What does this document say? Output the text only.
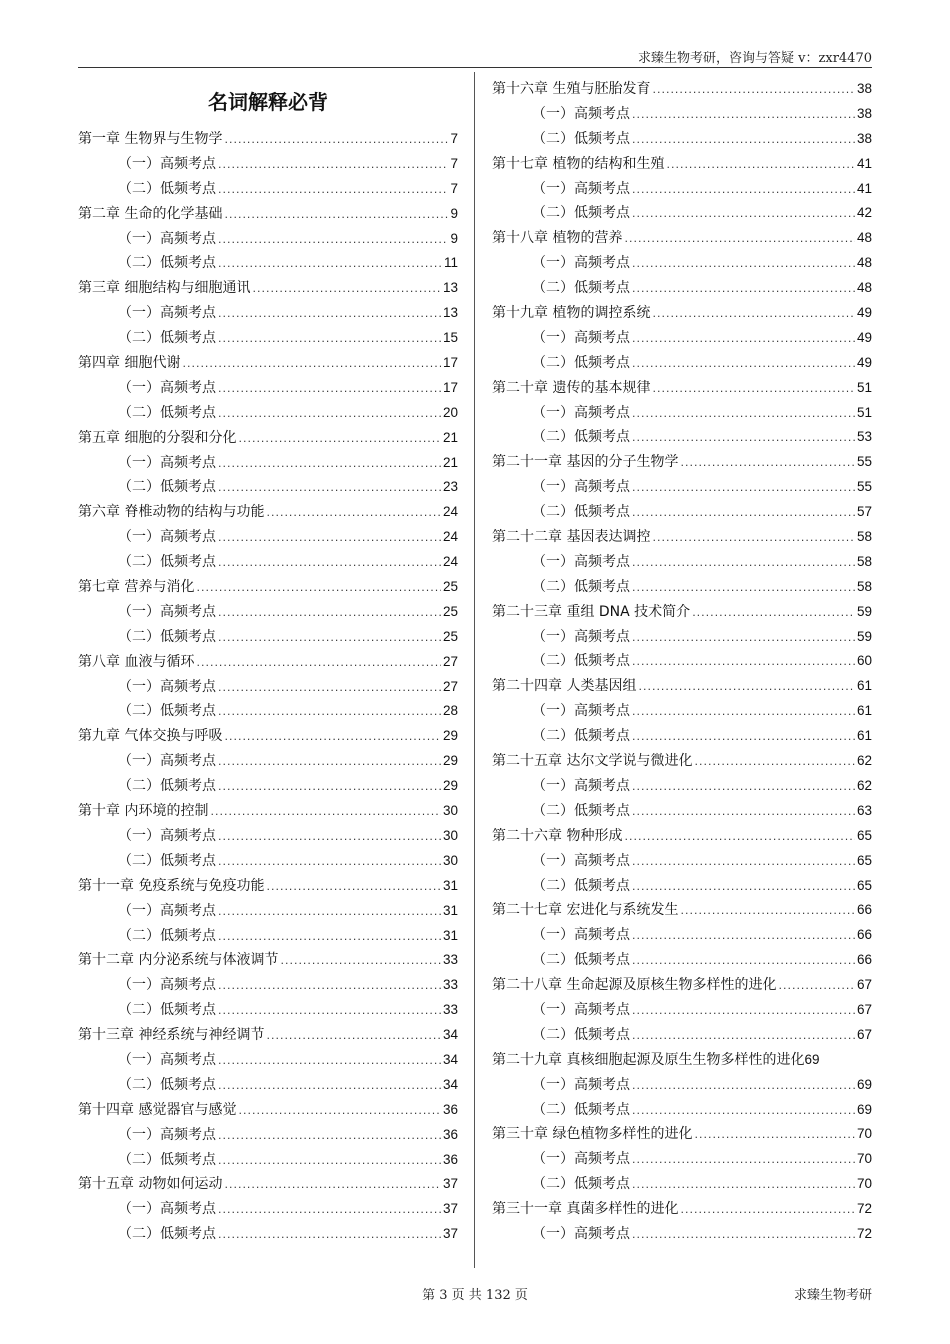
求臻生物考研，咨询与答疑 v：zxr4470
名词解释必背
第一章 生物界与生物学 .....	7
（一）高频考点 .....	7
（二）低频考点 .....	7
第二章 生命的化学基础 .....	9
（一）高频考点 .....	9
（二）低频考点 .....	11
第三章 细胞结构与细胞通讯 .....	13
（一）高频考点 .....	13
（二）低频考点 .....	15
第四章 细胞代谢 .....	17
（一）高频考点 .....	17
（二）低频考点 .....	20
第五章 细胞的分裂和分化 .....	21
（一）高频考点 .....	21
（二）低频考点 .....	23
第六章 脊椎动物的结构与功能 .....	24
（一）高频考点 .....	24
（二）低频考点 .....	24
第七章 营养与消化 .....	25
（一）高频考点 .....	25
（二）低频考点 .....	25
第八章 血液与循环 .....	27
（一）高频考点 .....	27
（二）低频考点 .....	28
第九章 气体交换与呼吸 .....	29
（一）高频考点 .....	29
（二）低频考点 .....	29
第十章 内环境的控制 .....	30
（一）高频考点 .....	30
（二）低频考点 .....	30
第十一章 免疫系统与免疫功能 .....	31
（一）高频考点 .....	31
（二）低频考点 .....	31
第十二章 内分泌系统与体液调节 .....	33
（一）高频考点 .....	33
（二）低频考点 .....	33
第十三章 神经系统与神经调节 .....	34
（一）高频考点 .....	34
（二）低频考点 .....	34
第十四章 感觉器官与感觉 .....	36
（一）高频考点 .....	36
（二）低频考点 .....	36
第十五章 动物如何运动 .....	37
（一）高频考点 .....	37
（二）低频考点 .....	37
第十六章 生殖与胚胎发育 .....	38
（一）高频考点 .....	38
（二）低频考点 .....	38
第十七章 植物的结构和生殖 .....	41
（一）高频考点 .....	41
（二）低频考点 .....	42
第十八章 植物的营养 .....	48
（一）高频考点 .....	48
（二）低频考点 .....	48
第十九章 植物的调控系统 .....	49
（一）高频考点 .....	49
（二）低频考点 .....	49
第二十章 遗传的基本规律 .....	51
（一）高频考点 .....	51
（二）低频考点 .....	53
第二十一章 基因的分子生物学 .....	55
（一）高频考点 .....	55
（二）低频考点 .....	57
第二十二章 基因表达调控 .....	58
（一）高频考点 .....	58
（二）低频考点 .....	58
第二十三章 重组 DNA 技术简介 .....	59
（一）高频考点 .....	59
（二）低频考点 .....	60
第二十四章 人类基因组 .....	61
（一）高频考点 .....	61
（二）低频考点 .....	61
第二十五章 达尔文学说与微进化 .....	62
（一）高频考点 .....	62
（二）低频考点 .....	63
第二十六章 物种形成 .....	65
（一）高频考点 .....	65
（二）低频考点 .....	65
第二十七章 宏进化与系统发生 .....	66
（一）高频考点 .....	66
（二）低频考点 .....	66
第二十八章 生命起源及原核生物多样性的进化 .....	67
（一）高频考点 .....	67
（二）低频考点 .....	67
第二十九章 真核细胞起源及原生生物多样性的进化 69
（一）高频考点 .....	69
（二）低频考点 .....	69
第三十章 绿色植物多样性的进化 .....	70
（一）高频考点 .....	70
（二）低频考点 .....	70
第三十一章 真菌多样性的进化 .....	72
（一）高频考点 .....	72
第 3 页 共 132 页	求臻生物考研
